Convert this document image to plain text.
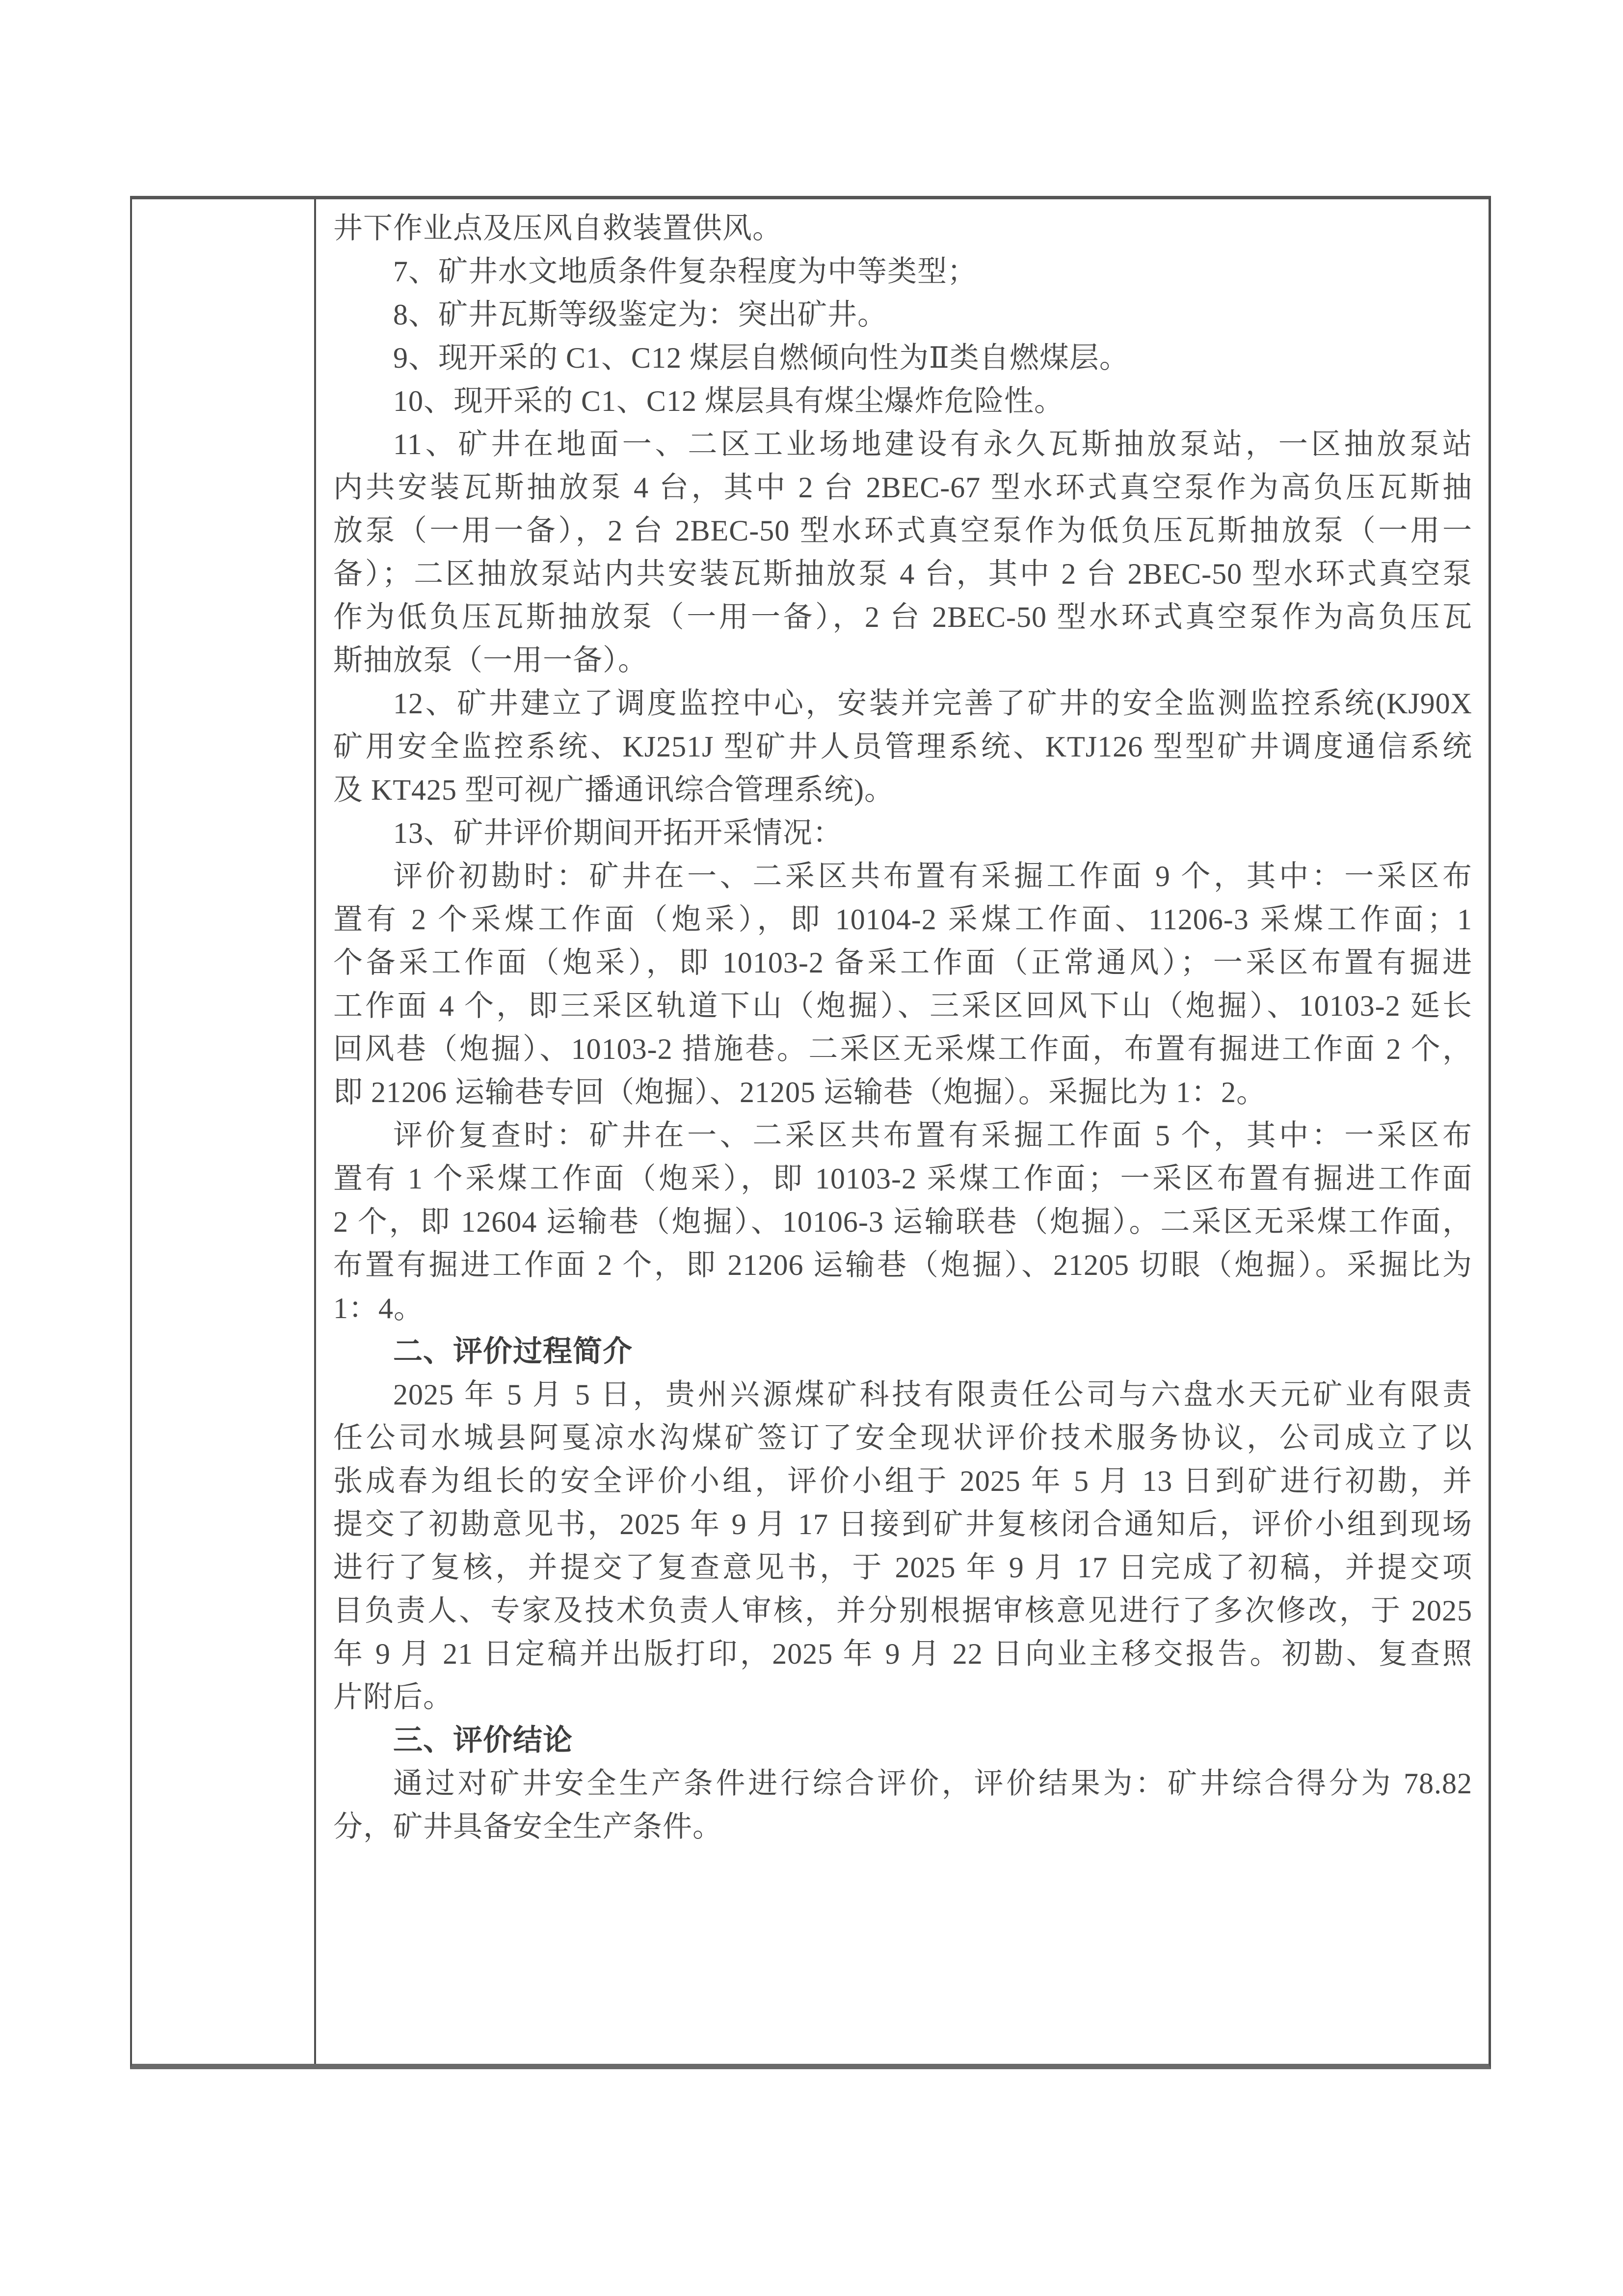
井下作业点及压风自救装置供风。
7、矿井水文地质条件复杂程度为中等类型；
8、矿井瓦斯等级鉴定为：突出矿井。
9、现开采的 C1、C12 煤层自燃倾向性为Ⅱ类自燃煤层。
10、现开采的 C1、C12 煤层具有煤尘爆炸危险性。
11、矿井在地面一、二区工业场地建设有永久瓦斯抽放泵站，一区抽放泵站
内共安装瓦斯抽放泵 4 台，其中 2 台 2BEC-67 型水环式真空泵作为高负压瓦斯抽
放泵（一用一备），2 台 2BEC-50 型水环式真空泵作为低负压瓦斯抽放泵（一用一
备）；二区抽放泵站内共安装瓦斯抽放泵 4 台，其中 2 台 2BEC-50 型水环式真空泵
作为低负压瓦斯抽放泵（一用一备），2 台 2BEC-50 型水环式真空泵作为高负压瓦
斯抽放泵（一用一备）。
12、矿井建立了调度监控中心，安装并完善了矿井的安全监测监控系统(KJ90X
矿用安全监控系统、KJ251J 型矿井人员管理系统、KTJ126 型型矿井调度通信系统
及 KT425 型可视广播通讯综合管理系统)。
13、矿井评价期间开拓开采情况：
评价初勘时：矿井在一、二采区共布置有采掘工作面 9 个，其中：一采区布
置有 2 个采煤工作面（炮采），即 10104-2 采煤工作面、11206-3 采煤工作面；1
个备采工作面（炮采），即 10103-2 备采工作面（正常通风）；一采区布置有掘进
工作面 4 个，即三采区轨道下山（炮掘）、三采区回风下山（炮掘）、10103-2 延长
回风巷（炮掘）、10103-2 措施巷。二采区无采煤工作面，布置有掘进工作面 2 个，
即 21206 运输巷专回（炮掘）、21205 运输巷（炮掘）。采掘比为 1：2。
评价复查时：矿井在一、二采区共布置有采掘工作面 5 个，其中：一采区布
置有 1 个采煤工作面（炮采），即 10103-2 采煤工作面；一采区布置有掘进工作面
2 个，即 12604 运输巷（炮掘）、10106-3 运输联巷（炮掘）。二采区无采煤工作面，
布置有掘进工作面 2 个，即 21206 运输巷（炮掘）、21205 切眼（炮掘）。采掘比为
1：4。
二、评价过程简介
2025 年 5 月 5 日，贵州兴源煤矿科技有限责任公司与六盘水天元矿业有限责
任公司水城县阿戛凉水沟煤矿签订了安全现状评价技术服务协议，公司成立了以
张成春为组长的安全评价小组，评价小组于 2025 年 5 月 13 日到矿进行初勘，并
提交了初勘意见书，2025 年 9 月 17 日接到矿井复核闭合通知后，评价小组到现场
进行了复核，并提交了复查意见书，于 2025 年 9 月 17 日完成了初稿，并提交项
目负责人、专家及技术负责人审核，并分别根据审核意见进行了多次修改，于 2025
年 9 月 21 日定稿并出版打印，2025 年 9 月 22 日向业主移交报告。初勘、复查照
片附后。
三、评价结论
通过对矿井安全生产条件进行综合评价，评价结果为：矿井综合得分为 78.82
分，矿井具备安全生产条件。
